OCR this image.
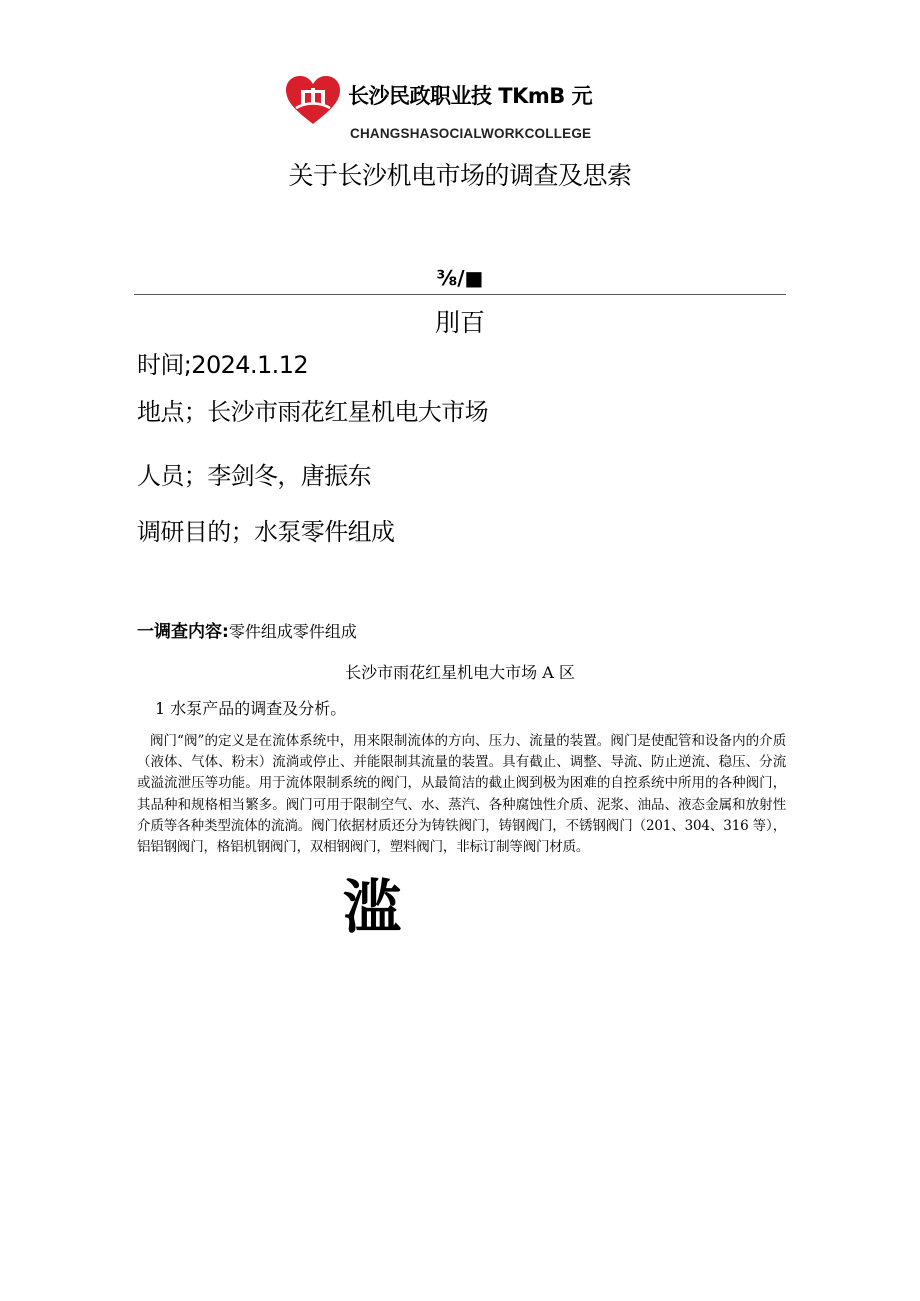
长沙民政职业技 TKmB 元
CHANGSHASOCIALWORKCOLLEGE
关于长沙机电市场的调查及思索
⅜/■
刖百
时间;2024.1.12
地点；长沙市雨花红星机电大市场
人员；李剑冬，唐振东
调研目的；水泵零件组成
一调查内容:零件组成零件组成
长沙市雨花红星机电大市场 A 区
1 水泵产品的调查及分析。
阀门“阀”的定义是在流体系统中，用来限制流体的方向、压力、流量的装置。阀门是使配管和设备内的介质（液体、气体、粉末）流淌或停止、并能限制其流量的装置。具有截止、调整、导流、防止逆流、稳压、分流或溢流泄压等功能。用于流体限制系统的阀门，从最简洁的截止阀到极为困难的自控系统中所用的各种阀门，其品种和规格相当繁多。阀门可用于限制空气、水、蒸汽、各种腐蚀性介质、泥浆、油品、液态金属和放射性介质等各种类型流体的流淌。阀门依据材质还分为铸铁阀门，铸钢阀门，不锈钢阀门（201、304、316 等），铝铝钢阀门，格铝机钢阀门，双相钢阀门，塑料阀门，非标订制等阀门材质。
滥
